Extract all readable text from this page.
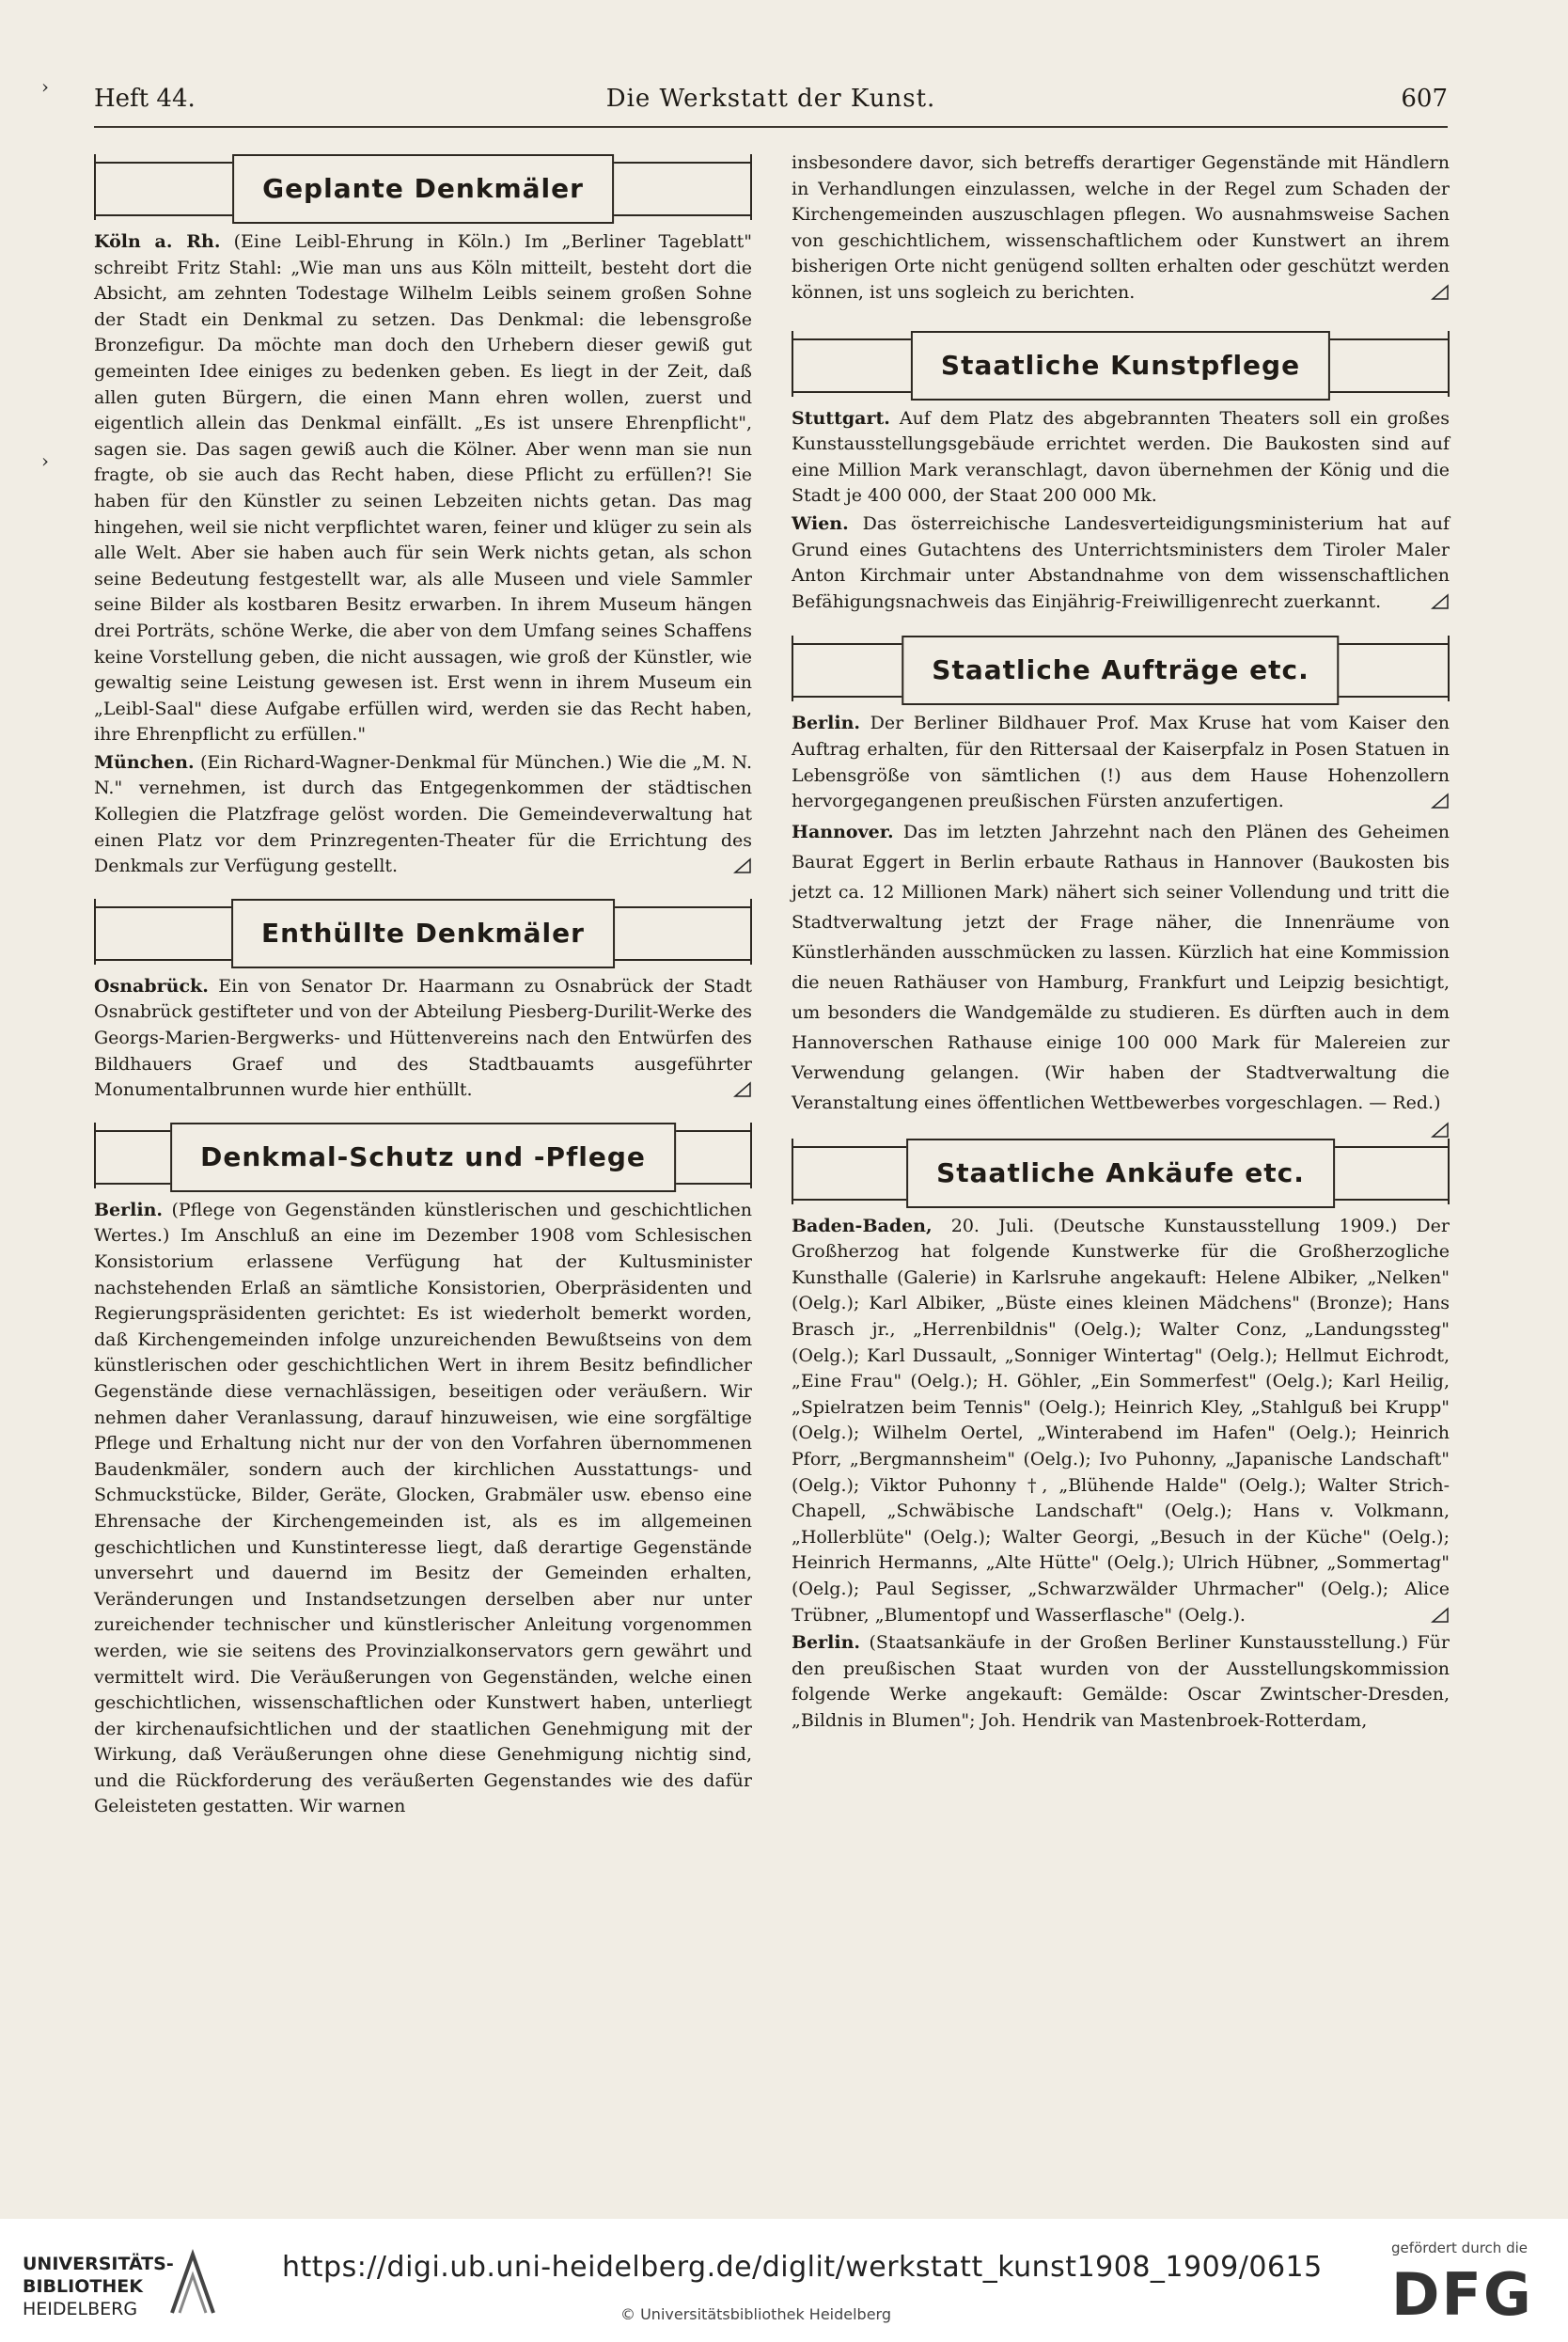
Heft 44.	Die Werkstatt der Kunst.	607
Geplante Denkmäler

Köln a. Rh. (Eine Leibl-Ehrung in Köln.) Im „Berliner Tageblatt" schreibt Fritz Stahl: „Wie man uns aus Köln mitteilt, besteht dort die Absicht, am zehnten Todestage Wilhelm Leibls seinem großen Sohne der Stadt ein Denkmal zu setzen. Das Denkmal: die lebensgroße Bronzefigur. Da möchte man doch den Urhebern dieser gewiß gut gemeinten Idee einiges zu bedenken geben. Es liegt in der Zeit, daß allen guten Bürgern, die einen Mann ehren wollen, zuerst und eigentlich allein das Denkmal einfällt. „Es ist unsere Ehrenpflicht", sagen sie. Das sagen gewiß auch die Kölner. Aber wenn man sie nun fragte, ob sie auch das Recht haben, diese Pflicht zu erfüllen?! Sie haben für den Künstler zu seinen Lebzeiten nichts getan. Das mag hingehen, weil sie nicht verpflichtet waren, feiner und klüger zu sein als alle Welt. Aber sie haben auch für sein Werk nichts getan, als schon seine Bedeutung festgestellt war, als alle Museen und viele Sammler seine Bilder als kostbaren Besitz erwarben. In ihrem Museum hängen drei Porträts, schöne Werke, die aber von dem Umfang seines Schaffens keine Vorstellung geben, die nicht aussagen, wie groß der Künstler, wie gewaltig seine Leistung gewesen ist. Erst wenn in ihrem Museum ein „Leibl-Saal" diese Aufgabe erfüllen wird, werden sie das Recht haben, ihre Ehrenpflicht zu erfüllen."

München. (Ein Richard-Wagner-Denkmal für München.) Wie die „M. N. N." vernehmen, ist durch das Entgegenkommen der städtischen Kollegien die Platzfrage gelöst worden. Die Gemeindeverwaltung hat einen Platz vor dem Prinzregenten-Theater für die Errichtung des Denkmals zur Verfügung gestellt.

Enthüllte Denkmäler

Osnabrück. Ein von Senator Dr. Haarmann zu Osnabrück der Stadt Osnabrück gestifteter und von der Abteilung Piesberg-Durilit-Werke des Georgs-Marien-Bergwerks- und Hüttenvereins nach den Entwürfen des Bildhauers Graef und des Stadtbauamts ausgeführter Monumentalbrunnen wurde hier enthüllt.

Denkmal-Schutz und -Pflege

Berlin. (Pflege von Gegenständen künstlerischen und geschichtlichen Wertes.) Im Anschluß an eine im Dezember 1908 vom Schlesischen Konsistorium erlassene Verfügung hat der Kultusminister nachstehenden Erlaß an sämtliche Konsistorien, Oberpräsidenten und Regierungspräsidenten gerichtet: Es ist wiederholt bemerkt worden, daß Kirchengemeinden infolge unzureichenden Bewußtseins von dem künstlerischen oder geschichtlichen Wert in ihrem Besitz befindlicher Gegenstände diese vernachlässigen, beseitigen oder veräußern. Wir nehmen daher Veranlassung, darauf hinzuweisen, wie eine sorgfältige Pflege und Erhaltung nicht nur der von den Vorfahren übernommenen Baudenkmäler, sondern auch der kirchlichen Ausstattungs- und Schmuckstücke, Bilder, Geräte, Glocken, Grabmäler usw. ebenso eine Ehrensache der Kirchengemeinden ist, als es im allgemeinen geschichtlichen und Kunstinteresse liegt, daß derartige Gegenstände unversehrt und dauernd im Besitz der Gemeinden erhalten, Veränderungen und Instandsetzungen derselben aber nur unter zureichender technischer und künstlerischer Anleitung vorgenommen werden, wie sie seitens des Provinzialkonservators gern gewährt und vermittelt wird. Die Veräußerungen von Gegenständen, welche einen geschichtlichen, wissenschaftlichen oder Kunstwert haben, unterliegt der kirchenaufsichtlichen und der staatlichen Genehmigung mit der Wirkung, daß Veräußerungen ohne diese Genehmigung nichtig sind, und die Rückforderung des veräußerten Gegenstandes wie des dafür Geleisteten gestatten. Wir warnen

insbesondere davor, sich betreffs derartiger Gegenstände mit Händlern in Verhandlungen einzulassen, welche in der Regel zum Schaden der Kirchengemeinden auszuschlagen pflegen. Wo ausnahmsweise Sachen von geschichtlichem, wissenschaftlichem oder Kunstwert an ihrem bisherigen Orte nicht genügend sollten erhalten oder geschützt werden können, ist uns sogleich zu berichten.

Staatliche Kunstpflege

Stuttgart. Auf dem Platz des abgebrannten Theaters soll ein großes Kunstausstellungsgebäude errichtet werden. Die Baukosten sind auf eine Million Mark veranschlagt, davon übernehmen der König und die Stadt je 400 000, der Staat 200 000 Mk.

Wien. Das österreichische Landesverteidigungsministerium hat auf Grund eines Gutachtens des Unterrichtsministers dem Tiroler Maler Anton Kirchmair unter Abstandnahme von dem wissenschaftlichen Befähigungsnachweis das Einjährig-Freiwilligenrecht zuerkannt.

Staatliche Aufträge etc.

Berlin. Der Berliner Bildhauer Prof. Max Kruse hat vom Kaiser den Auftrag erhalten, für den Rittersaal der Kaiserpfalz in Posen Statuen in Lebensgröße von sämtlichen (!) aus dem Hause Hohenzollern hervorgegangenen preußischen Fürsten anzufertigen.

Hannover. Das im letzten Jahrzehnt nach den Plänen des Geheimen Baurat Eggert in Berlin erbaute Rathaus in Hannover (Baukosten bis jetzt ca. 12 Millionen Mark) nähert sich seiner Vollendung und tritt die Stadtverwaltung jetzt der Frage näher, die Innenräume von Künstlerhänden ausschmücken zu lassen. Kürzlich hat eine Kommission die neuen Rathäuser von Hamburg, Frankfurt und Leipzig besichtigt, um besonders die Wandgemälde zu studieren. Es dürften auch in dem Hannoverschen Rathause einige 100 000 Mark für Malereien zur Verwendung gelangen. (Wir haben der Stadtverwaltung die Veranstaltung eines öffentlichen Wettbewerbes vorgeschlagen. — Red.)

Staatliche Ankäufe etc.

Baden-Baden, 20. Juli. (Deutsche Kunstausstellung 1909.) Der Großherzog hat folgende Kunstwerke für die Großherzogliche Kunsthalle (Galerie) in Karlsruhe angekauft: Helene Albiker, „Nelken" (Oelg.); Karl Albiker, „Büste eines kleinen Mädchens" (Bronze); Hans Brasch jr., „Herrenbildnis" (Oelg.); Walter Conz, „Landungssteg" (Oelg.); Karl Dussault, „Sonniger Wintertag" (Oelg.); Hellmut Eichrodt, „Eine Frau" (Oelg.); H. Göhler, „Ein Sommerfest" (Oelg.); Karl Heilig, „Spielratzen beim Tennis" (Oelg.); Heinrich Kley, „Stahlguß bei Krupp" (Oelg.); Wilhelm Oertel, „Winterabend im Hafen" (Oelg.); Heinrich Pforr, „Bergmannsheim" (Oelg.); Ivo Puhonny, „Japanische Landschaft" (Oelg.); Viktor Puhonny †, „Blühende Halde" (Oelg.); Walter Strich-Chapell, „Schwäbische Landschaft" (Oelg.); Hans v. Volkmann, „Hollerblüte" (Oelg.); Walter Georgi, „Besuch in der Küche" (Oelg.); Heinrich Hermanns, „Alte Hütte" (Oelg.); Ulrich Hübner, „Sommertag" (Oelg.); Paul Segisser, „Schwarzwälder Uhrmacher" (Oelg.); Alice Trübner, „Blumentopf und Wasserflasche" (Oelg.).

Berlin. (Staatsankäufe in der Großen Berliner Kunstausstellung.) Für den preußischen Staat wurden von der Ausstellungskommission folgende Werke angekauft: Gemälde: Oscar Zwintscher-Dresden, „Bildnis in Blumen"; Joh. Hendrik van Mastenbroek-Rotterdam,

›
›
UNIVERSITÄTS-
BIBLIOTHEK
HEIDELBERG
https://digi.ub.uni-heidelberg.de/diglit/werkstatt_kunst1908_1909/0615
© Universitätsbibliothek Heidelberg
gefördert durch die
DFG
